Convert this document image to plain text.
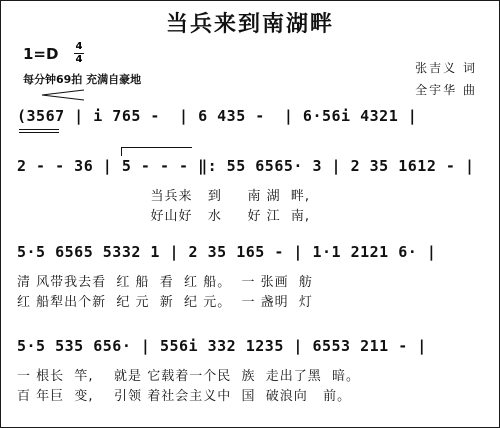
当兵来到南湖畔
1=D 4
4
每分钟69拍 充满自豪地
张吉义 词
全宇华 曲
(3567 | i 765 -  | 6 435 -  | 6·56i 4321 |
2 - - 36 | 5 - - - ‖: 55 6565· 3 | 2 35 1612 - |
当兵来   到     南 湖  畔,
好山好   水     好 江  南,
5·5 6565 5332 1 | 2 35 165 - | 1·1 2121 6· |
清 风带我去看  红 船  看  红 船。  一 张画  舫
红 船犁出个新  纪 元  新  纪 元。  一 盏明  灯
5·5 535 656· | 556i 332 1235 | 6553 211 - |
一 根长  竿,    就是 它载着一个民  族  走出了黑  暗。
百 年巨  变,    引领 着社会主义中  国  破浪向   前。
